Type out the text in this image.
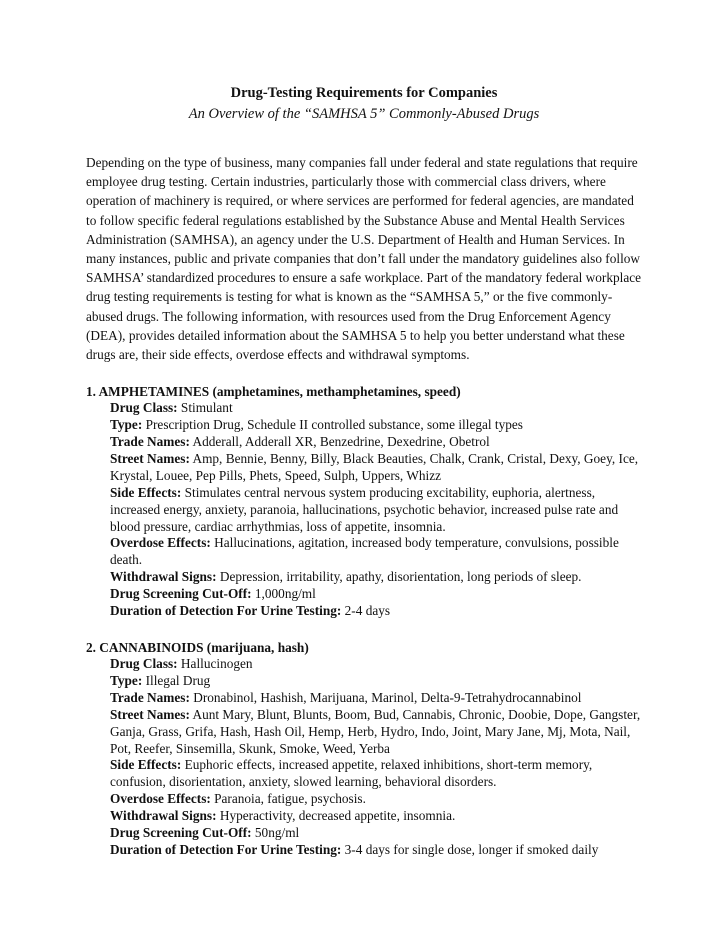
Drug-Testing Requirements for Companies

An Overview of the “SAMHSA 5” Commonly-Abused Drugs

Depending on the type of business, many companies fall under federal and state regulations that require employee drug testing. Certain industries, particularly those with commercial class drivers, where operation of machinery is required, or where services are performed for federal agencies, are mandated to follow specific federal regulations established by the Substance Abuse and Mental Health Services Administration (SAMHSA), an agency under the U.S. Department of Health and Human Services. In many instances, public and private companies that don’t fall under the mandatory guidelines also follow SAMHSA’ standardized procedures to ensure a safe workplace. Part of the mandatory federal workplace drug testing requirements is testing for what is known as the “SAMHSA 5,” or the five commonly-abused drugs. The following information, with resources used from the Drug Enforcement Agency (DEA), provides detailed information about the SAMHSA 5 to help you better understand what these drugs are, their side effects, overdose effects and withdrawal symptoms.

1. AMPHETAMINES (amphetamines, methamphetamines, speed)

Drug Class: Stimulant

Type: Prescription Drug, Schedule II controlled substance, some illegal types

Trade Names: Adderall, Adderall XR, Benzedrine, Dexedrine, Obetrol

Street Names: Amp, Bennie, Benny, Billy, Black Beauties, Chalk, Crank, Cristal, Dexy, Goey, Ice, Krystal, Louee, Pep Pills, Phets, Speed, Sulph, Uppers, Whizz

Side Effects: Stimulates central nervous system producing excitability, euphoria, alertness, increased energy, anxiety, paranoia, hallucinations, psychotic behavior, increased pulse rate and blood pressure, cardiac arrhythmias, loss of appetite, insomnia.

Overdose Effects: Hallucinations, agitation, increased body temperature, convulsions, possible death.

Withdrawal Signs: Depression, irritability, apathy, disorientation, long periods of sleep.

Drug Screening Cut-Off: 1,000ng/ml

Duration of Detection For Urine Testing: 2-4 days

2. CANNABINOIDS (marijuana, hash)

Drug Class: Hallucinogen

Type: Illegal Drug

Trade Names: Dronabinol, Hashish, Marijuana, Marinol, Delta-9-Tetrahydrocannabinol

Street Names: Aunt Mary, Blunt, Blunts, Boom, Bud, Cannabis, Chronic, Doobie, Dope, Gangster, Ganja, Grass, Grifa, Hash, Hash Oil, Hemp, Herb, Hydro, Indo, Joint, Mary Jane, Mj, Mota, Nail, Pot, Reefer, Sinsemilla, Skunk, Smoke, Weed, Yerba

Side Effects: Euphoric effects, increased appetite, relaxed inhibitions, short-term memory, confusion, disorientation, anxiety, slowed learning, behavioral disorders.

Overdose Effects: Paranoia, fatigue, psychosis.

Withdrawal Signs: Hyperactivity, decreased appetite, insomnia.

Drug Screening Cut-Off: 50ng/ml

Duration of Detection For Urine Testing: 3-4 days for single dose, longer if smoked daily
